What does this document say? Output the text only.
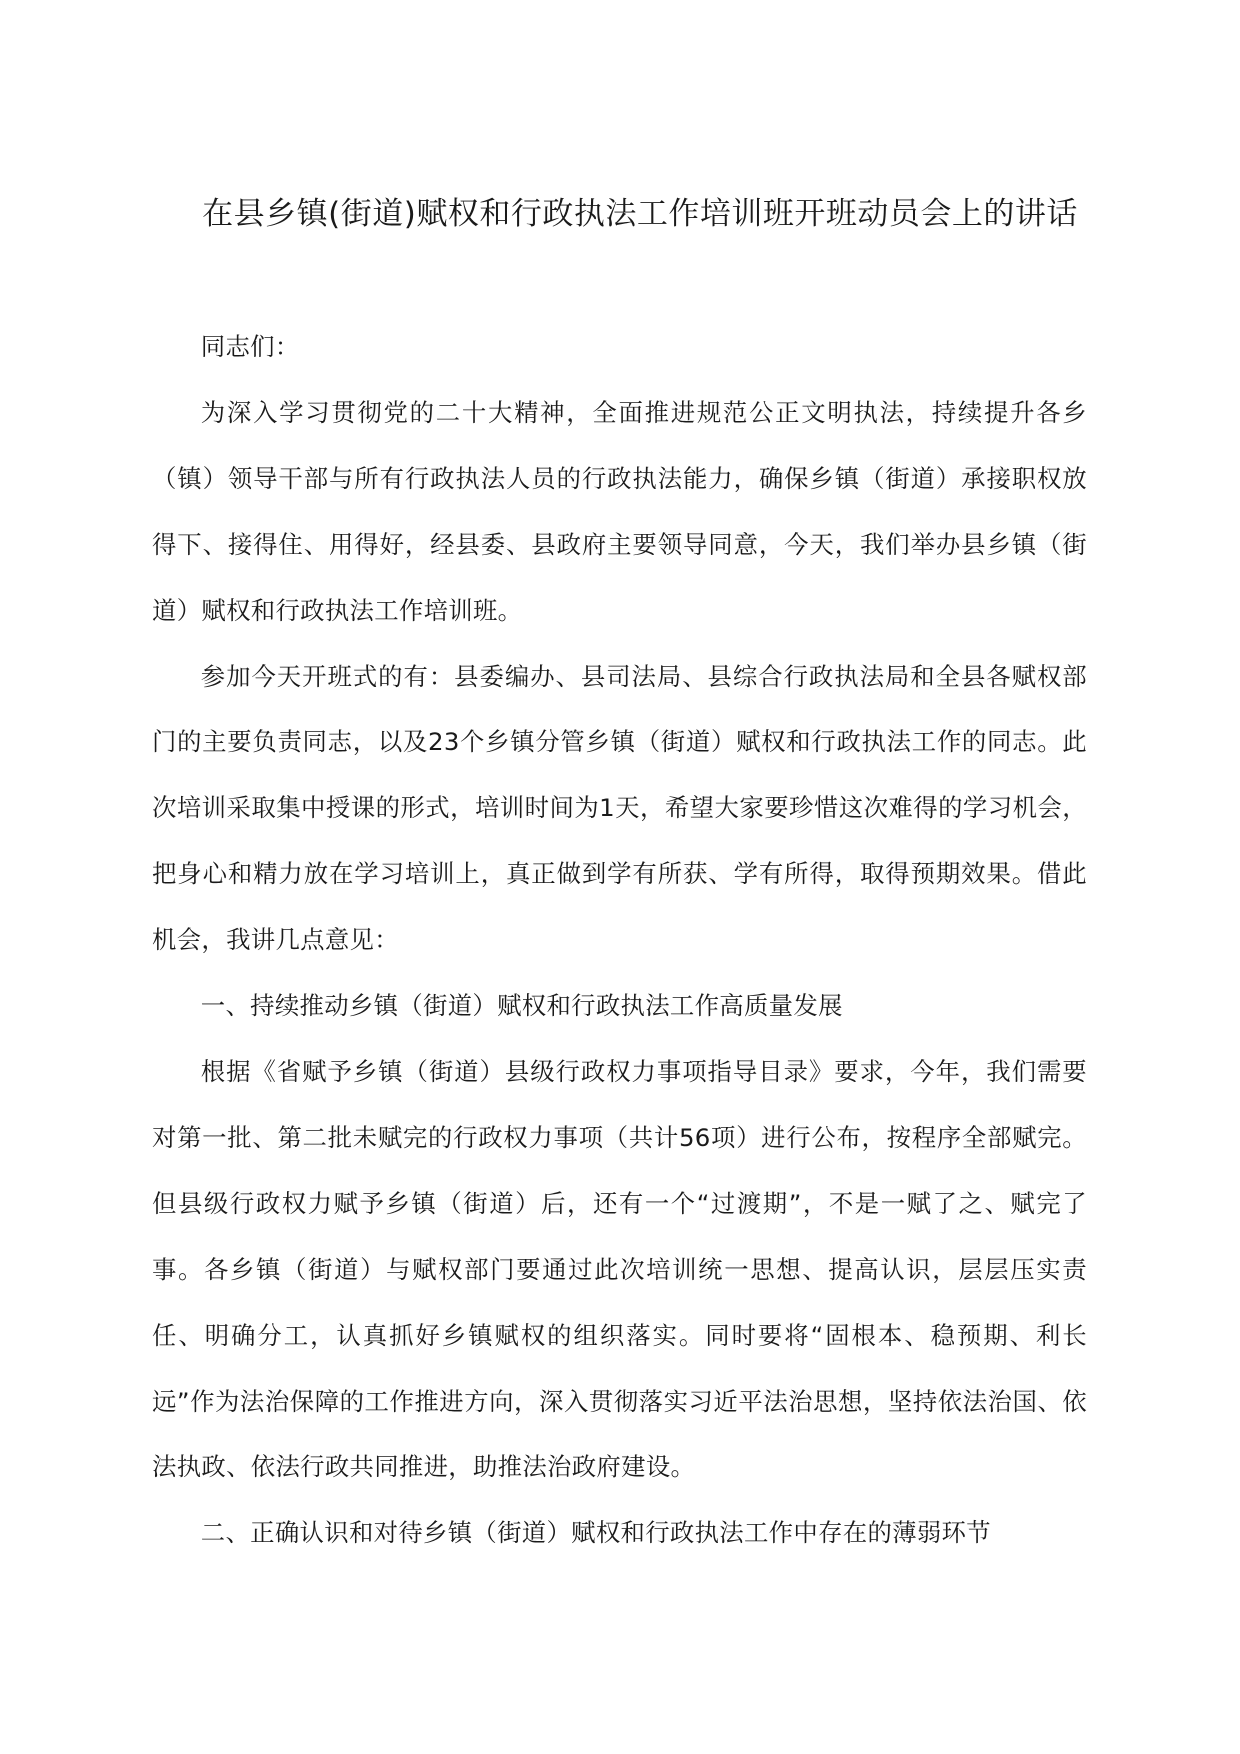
在县乡镇(街道)赋权和行政执法工作培训班开班动员会上的讲话

同志们：

为深入学习贯彻党的二十大精神，全面推进规范公正文明执法，持续提升各乡（镇）领导干部与所有行政执法人员的行政执法能力，确保乡镇（街道）承接职权放得下、接得住、用得好，经县委、县政府主要领导同意，今天，我们举办县乡镇（街道）赋权和行政执法工作培训班。

参加今天开班式的有：县委编办、县司法局、县综合行政执法局和全县各赋权部门的主要负责同志，以及23个乡镇分管乡镇（街道）赋权和行政执法工作的同志。此次培训采取集中授课的形式，培训时间为1天，希望大家要珍惜这次难得的学习机会，把身心和精力放在学习培训上，真正做到学有所获、学有所得，取得预期效果。借此机会，我讲几点意见：

一、持续推动乡镇（街道）赋权和行政执法工作高质量发展

根据《省赋予乡镇（街道）县级行政权力事项指导目录》要求，今年，我们需要对第一批、第二批未赋完的行政权力事项（共计56项）进行公布，按程序全部赋完。但县级行政权力赋予乡镇（街道）后，还有一个“过渡期”，不是一赋了之、赋完了事。各乡镇（街道）与赋权部门要通过此次培训统一思想、提高认识，层层压实责任、明确分工，认真抓好乡镇赋权的组织落实。同时要将“固根本、稳预期、利长远”作为法治保障的工作推进方向，深入贯彻落实习近平法治思想，坚持依法治国、依法执政、依法行政共同推进，助推法治政府建设。

二、正确认识和对待乡镇（街道）赋权和行政执法工作中存在的薄弱环节
